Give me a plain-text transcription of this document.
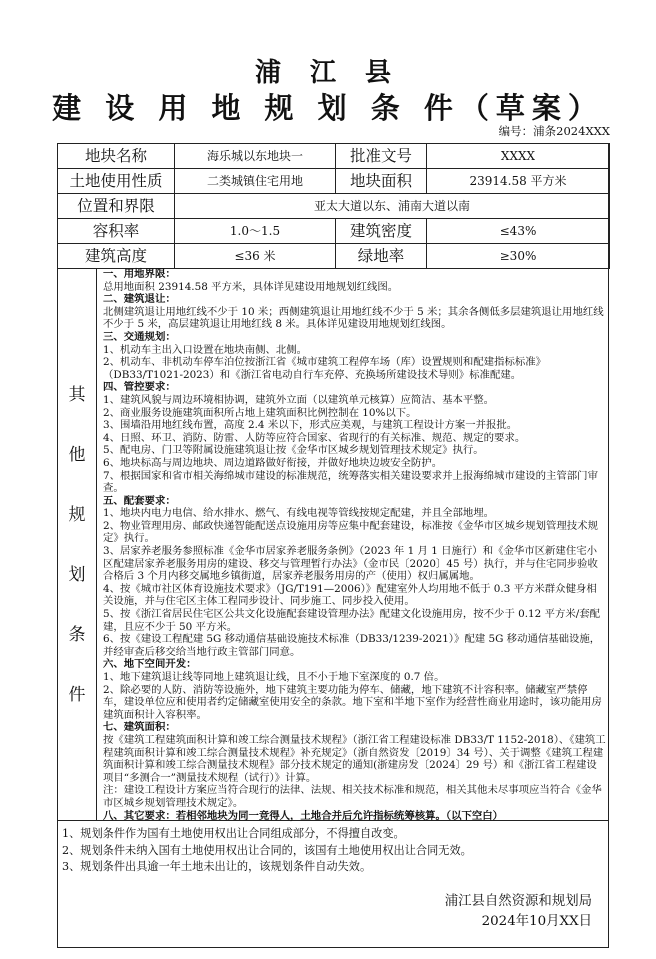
浦 江 县
建 设 用 地 规 划 条 件（草案）
编号：浦条2024XXX
地块名称	海乐城以东地块一	批准文号	XXXX
土地使用性质	二类城镇住宅用地	地块面积	23914.58 平方米
位置和界限	亚太大道以东、浦南大道以南		
容积率	1.0～1.5	建筑密度	≤43%
建筑高度	≤36 米	绿地率	≥30%
其
他
规
划
条
件

一、用地界限：

总用地面积 23914.58 平方米，具体详见建设用地规划红线图。

二、建筑退让：

北侧建筑退让用地红线不少于 10 米；西侧建筑退让用地红线不少于 5 米；其余各侧低多层建筑退让用地红线不少于 5 米，高层建筑退让用地红线 8 米。具体详见建设用地规划红线图。

三、交通规划：

1、机动车主出入口设置在地块南侧、北侧。

2、机动车、非机动车停车泊位按浙江省《城市建筑工程停车场（库）设置规则和配建指标标准》（DB33/T1021-2023）和《浙江省电动自行车充停、充换场所建设技术导则》标准配建。

四、管控要求：

1、建筑风貌与周边环境相协调，建筑外立面（以建筑单元核算）应简洁、基本平整。

2、商业服务设施建筑面积所占地上建筑面积比例控制在 10%以下。

3、围墙沿用地红线布置，高度 2.4 米以下，形式应美观，与建筑工程设计方案一并报批。

4、日照、环卫、消防、防雷、人防等应符合国家、省现行的有关标准、规范、规定的要求。

5、配电房、门卫等附属设施建筑退让按《金华市区城乡规划管理技术规定》执行。

6、地块标高与周边地块、周边道路做好衔接，并做好地块边坡安全防护。

7、根据国家和省市相关海绵城市建设的标准规范，统筹落实相关建设要求并上报海绵城市建设的主管部门审查。

五、配套要求：

1、地块内电力电信、给水排水、燃气、有线电视等管线按规定配建，并且全部地埋。

2、物业管理用房、邮政快递智能配送点设施用房等应集中配套建设，标准按《金华市区城乡规划管理技术规定》执行。

3、居家养老服务参照标准《金华市居家养老服务条例》（2023 年 1 月 1 日施行）和《金华市区新建住宅小区配建居家养老服务用房的建设、移交与管理暂行办法》（金市民〔2020〕45 号）执行，并与住宅同步验收合格后 3 个月内移交属地乡镇街道，居家养老服务用房的产（使用）权归属属地。

4、按《城市社区体育设施技术要求》（JG/T191—2006）》配建室外人均用地不低于 0.3 平方米群众健身相关设施，并与住宅区主体工程同步设计、同步施工、同步投入使用。

5、按《浙江省居民住宅区公共文化设施配套建设管理办法》配建文化设施用房，按不少于 0.12 平方米/套配建，且应不少于 50 平方米。

6、按《建设工程配建 5G 移动通信基础设施技术标准（DB33/1239-2021）》配建 5G 移动通信基础设施，并经审查后移交给当地行政主管部门同意。

六、地下空间开发：

1、地下建筑退让线等同地上建筑退让线，且不小于地下室深度的 0.7 倍。

2、除必要的人防、消防等设施外，地下建筑主要功能为停车、储藏，地下建筑不计容积率。储藏室严禁停车，建设单位应和使用者约定储藏室使用安全的条款。地下室和半地下室作为经营性商业用途时，该功能用房建筑面积计入容积率。

七、建筑面积：

按《建筑工程建筑面积计算和竣工综合测量技术规程》（浙江省工程建设标准 DB33/T 1152-2018）、《建筑工程建筑面积计算和竣工综合测量技术规程》补充规定》（浙自然资发〔2019〕34 号）、关于调整《建筑工程建筑面积计算和竣工综合测量技术规程》部分技术规定的通知(浙建房发〔2024〕29 号）和《浙江省工程建设项目“多测合一”测量技术规程（试行）》计算。

注：建设工程设计方案应当符合现行的法律、法规、相关技术标准和规范，相关其他未尽事项应当符合《金华市区城乡规划管理技术规定》。

八、其它要求：若相邻地块为同一竞得人，土地合并后允许指标统筹核算。（以下空白）

1、规划条件作为国有土地使用权出让合同组成部分，不得擅自改变。

2、规划条件未纳入国有土地使用权出让合同的，该国有土地使用权出让合同无效。

3、规划条件出具逾一年土地未出让的，该规划条件自动失效。

浦江县自然资源和规划局

2024年10月XX日
